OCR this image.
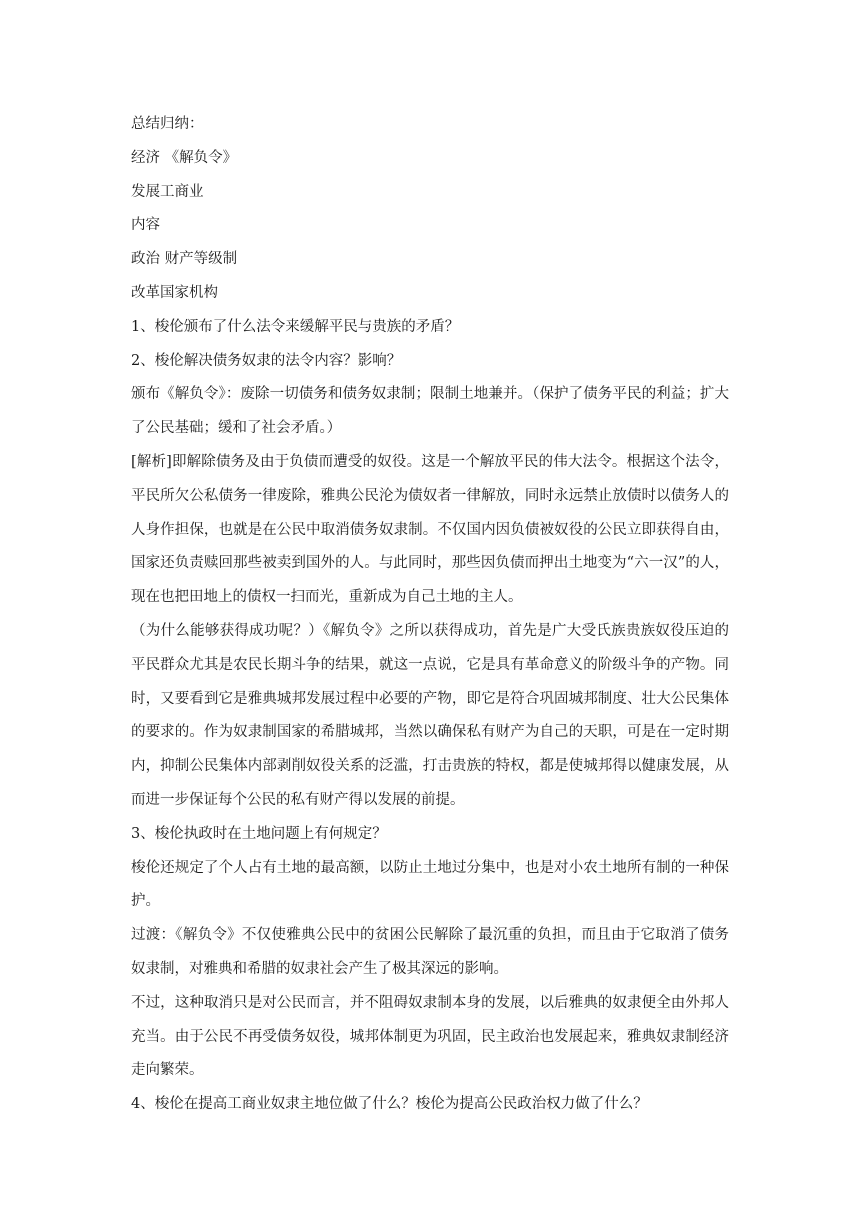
总结归纳：

经济 《解负令》

发展工商业

内容

政治 财产等级制

改革国家机构

1、梭伦颁布了什么法令来缓解平民与贵族的矛盾？

2、梭伦解决债务奴隶的法令内容？影响？

颁布《解负令》：废除一切债务和债务奴隶制；限制土地兼并。（保护了债务平民的利益；扩大了公民基础；缓和了社会矛盾。）

[解析]即解除债务及由于负债而遭受的奴役。这是一个解放平民的伟大法令。根据这个法令，平民所欠公私债务一律废除，雅典公民沦为债奴者一律解放，同时永远禁止放债时以债务人的人身作担保，也就是在公民中取消债务奴隶制。不仅国内因负债被奴役的公民立即获得自由，国家还负责赎回那些被卖到国外的人。与此同时，那些因负债而押出土地变为“六一汉”的人，现在也把田地上的债权一扫而光，重新成为自己土地的主人。

（为什么能够获得成功呢？）《解负令》之所以获得成功，首先是广大受氏族贵族奴役压迫的平民群众尤其是农民长期斗争的结果，就这一点说，它是具有革命意义的阶级斗争的产物。同时，又要看到它是雅典城邦发展过程中必要的产物，即它是符合巩固城邦制度、壮大公民集体的要求的。作为奴隶制国家的希腊城邦，当然以确保私有财产为自己的天职，可是在一定时期内，抑制公民集体内部剥削奴役关系的泛滥，打击贵族的特权，都是使城邦得以健康发展，从而进一步保证每个公民的私有财产得以发展的前提。

3、梭伦执政时在土地问题上有何规定？

梭伦还规定了个人占有土地的最高额，以防止土地过分集中，也是对小农土地所有制的一种保护。

过渡：《解负令》不仅使雅典公民中的贫困公民解除了最沉重的负担，而且由于它取消了债务奴隶制，对雅典和希腊的奴隶社会产生了极其深远的影响。

不过，这种取消只是对公民而言，并不阻碍奴隶制本身的发展，以后雅典的奴隶便全由外邦人充当。由于公民不再受债务奴役，城邦体制更为巩固，民主政治也发展起来，雅典奴隶制经济走向繁荣。

4、梭伦在提高工商业奴隶主地位做了什么？梭伦为提高公民政治权力做了什么？
